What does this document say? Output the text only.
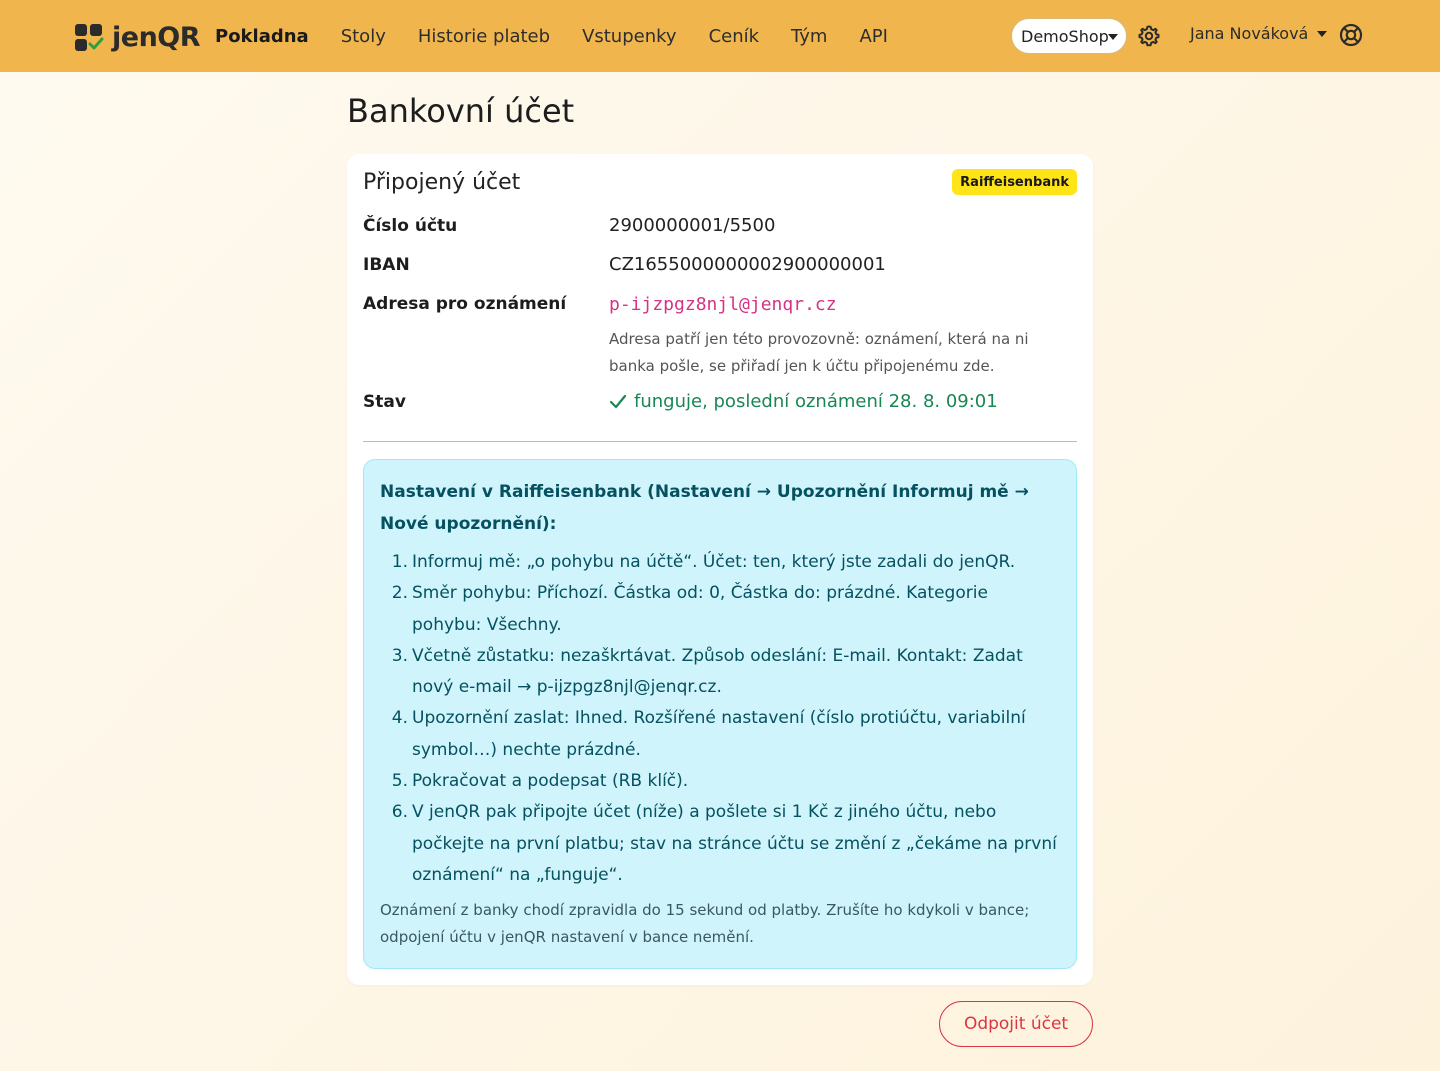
jenQR Pokladna Stoly Historie plateb Vstupenky Ceník Tým API	DemoShop	Jana Nováková
Bankovní účet
Připojený účet	Raiffeisenbank
Číslo účtu	2900000001/5500
IBAN	CZ1655000000002900000001
Adresa pro oznámení p-ijzpgz8njl@jenqr.cz
Adresa patří jen této provozovně: oznámení, která na ni banka pošle, se přiřadí jen k účtu připojenému zde.
Stav	funguje, poslední oznámení 28. 8. 09:01
Nastavení v Raiffeisenbank (Nastavení → Upozornění Informuj mě → Nové upozornění):
1. Informuj mě: „o pohybu na účtě“. Účet: ten, který jste zadali do jenQR.
2. Směr pohybu: Příchozí. Částka od: 0, Částka do: prázdné. Kategorie pohybu: Všechny.
3. Včetně zůstatku: nezaškrtávat. Způsob odeslání: E-mail. Kontakt: Zadat nový e-mail → p-ijzpgz8njl@jenqr.cz.
4. Upozornění zaslat: Ihned. Rozšířené nastavení (číslo protiúčtu, variabilní symbol…) nechte prázdné.
5. Pokračovat a podepsat (RB klíč).
6. V jenQR pak připojte účet (níže) a pošlete si 1 Kč z jiného účtu, nebo počkejte na první platbu; stav na stránce účtu se změní z „čekáme na první oznámení“ na „funguje“.
Oznámení z banky chodí zpravidla do 15 sekund od platby. Zrušíte ho kdykoli v bance; odpojení účtu v jenQR nastavení v bance nemění.
Odpojit účet
